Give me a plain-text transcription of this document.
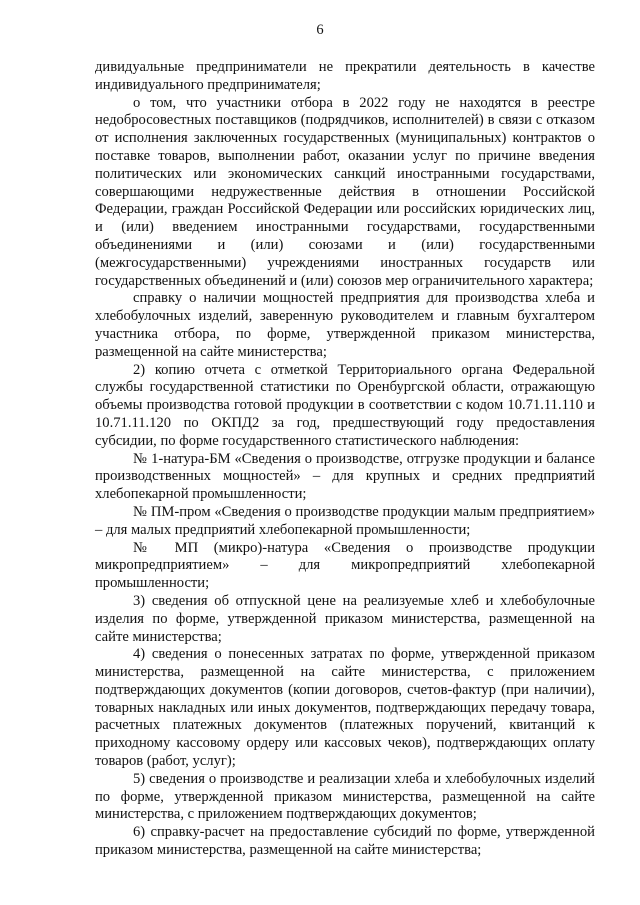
6

дивидуальные предприниматели не прекратили деятельность в качестве индивидуального предпринимателя;

о том, что участники отбора в 2022 году не находятся в реестре недобросовестных поставщиков (подрядчиков, исполнителей) в связи с отказом от исполнения заключенных государственных (муниципальных) контрактов о поставке товаров, выполнении работ, оказании услуг по причине введения политических или экономических санкций иностранными государствами, совершающими недружественные действия в отношении Российской Федерации, граждан Российской Федерации или российских юридических лиц, и (или) введением иностранными государствами, государственными объединениями и (или) союзами и (или) государственными (межгосударственными) учреждениями иностранных государств или государственных объединений и (или) союзов мер ограничительного характера;

справку о наличии мощностей предприятия для производства хлеба и хлебобулочных изделий, заверенную руководителем и главным бухгалтером участника отбора, по форме, утвержденной приказом министерства, размещенной на сайте министерства;

2) копию отчета с отметкой Территориального органа Федеральной службы государственной статистики по Оренбургской области, отражающую объемы производства готовой продукции в соответствии с кодом 10.71.11.110 и 10.71.11.120 по ОКПД2 за год, предшествующий году предоставления субсидии, по форме государственного статистического наблюдения:

№ 1-натура-БМ «Сведения о производстве, отгрузке продукции и балансе производственных мощностей» – для крупных и средних предприятий хлебопекарной промышленности;

№ ПМ-пром «Сведения о производстве продукции малым предприятием» – для малых предприятий хлебопекарной промышленности;

№ МП (микро)-натура «Сведения о производстве продукции микропредприятием» – для микропредприятий хлебопекарной промышленности;

3) сведения об отпускной цене на реализуемые хлеб и хлебобулочные изделия по форме, утвержденной приказом министерства, размещенной на сайте министерства;

4) сведения о понесенных затратах по форме, утвержденной приказом министерства, размещенной на сайте министерства, с приложением подтверждающих документов (копии договоров, счетов-фактур (при наличии), товарных накладных или иных документов, подтверждающих передачу товара, расчетных платежных документов (платежных поручений, квитанций к приходному кассовому ордеру или кассовых чеков), подтверждающих оплату товаров (работ, услуг);

5) сведения о производстве и реализации хлеба и хлебобулочных изделий по форме, утвержденной приказом министерства, размещенной на сайте министерства, с приложением подтверждающих документов;

6) справку-расчет на предоставление субсидий по форме, утвержденной приказом министерства, размещенной на сайте министерства;
